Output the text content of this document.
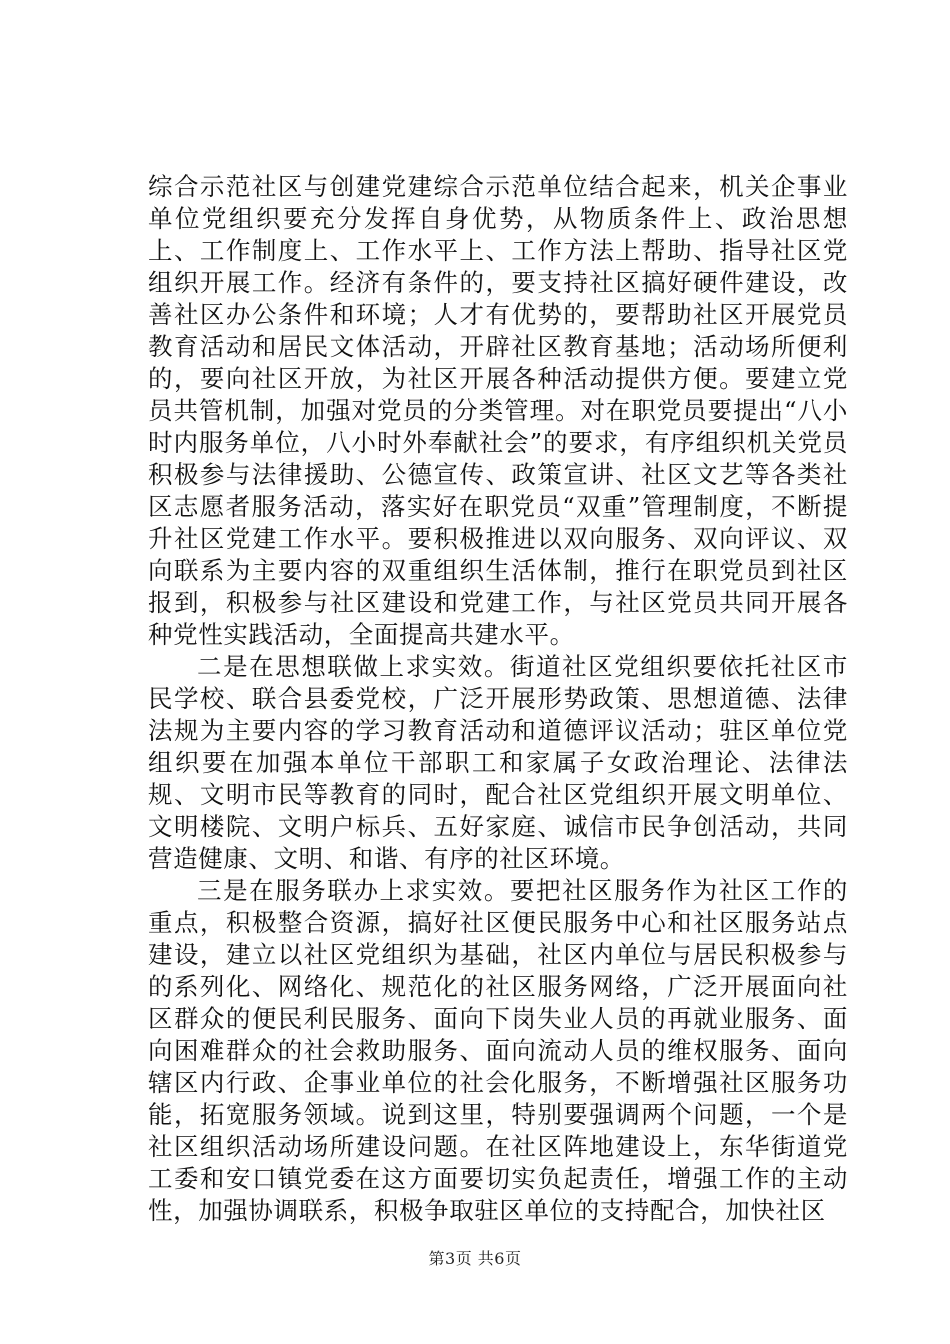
综合示范社区与创建党建综合示范单位结合起来，机关企事业单位党组织要充分发挥自身优势，从物质条件上、政治思想上、工作制度上、工作水平上、工作方法上帮助、指导社区党组织开展工作。经济有条件的，要支持社区搞好硬件建设，改善社区办公条件和环境；人才有优势的，要帮助社区开展党员教育活动和居民文体活动，开辟社区教育基地；活动场所便利的，要向社区开放，为社区开展各种活动提供方便。要建立党员共管机制，加强对党员的分类管理。对在职党员要提出“八小时内服务单位，八小时外奉献社会”的要求，有序组织机关党员积极参与法律援助、公德宣传、政策宣讲、社区文艺等各类社区志愿者服务活动，落实好在职党员“双重”管理制度，不断提升社区党建工作水平。要积极推进以双向服务、双向评议、双向联系为主要内容的双重组织生活体制，推行在职党员到社区报到，积极参与社区建设和党建工作，与社区党员共同开展各种党性实践活动，全面提高共建水平。

二是在思想联做上求实效。街道社区党组织要依托社区市民学校、联合县委党校，广泛开展形势政策、思想道德、法律法规为主要内容的学习教育活动和道德评议活动；驻区单位党组织要在加强本单位干部职工和家属子女政治理论、法律法规、文明市民等教育的同时，配合社区党组织开展文明单位、文明楼院、文明户标兵、五好家庭、诚信市民争创活动，共同营造健康、文明、和谐、有序的社区环境。

三是在服务联办上求实效。要把社区服务作为社区工作的重点，积极整合资源，搞好社区便民服务中心和社区服务站点建设，建立以社区党组织为基础，社区内单位与居民积极参与的系列化、网络化、规范化的社区服务网络，广泛开展面向社区群众的便民利民服务、面向下岗失业人员的再就业服务、面向困难群众的社会救助服务、面向流动人员的维权服务、面向辖区内行政、企事业单位的社会化服务，不断增强社区服务功能，拓宽服务领域。说到这里，特别要强调两个问题，一个是社区组织活动场所建设问题。在社区阵地建设上，东华街道党工委和安口镇党委在这方面要切实负起责任，增强工作的主动性，加强协调联系，积极争取驻区单位的支持配合，加快社区

第3页 共6页
